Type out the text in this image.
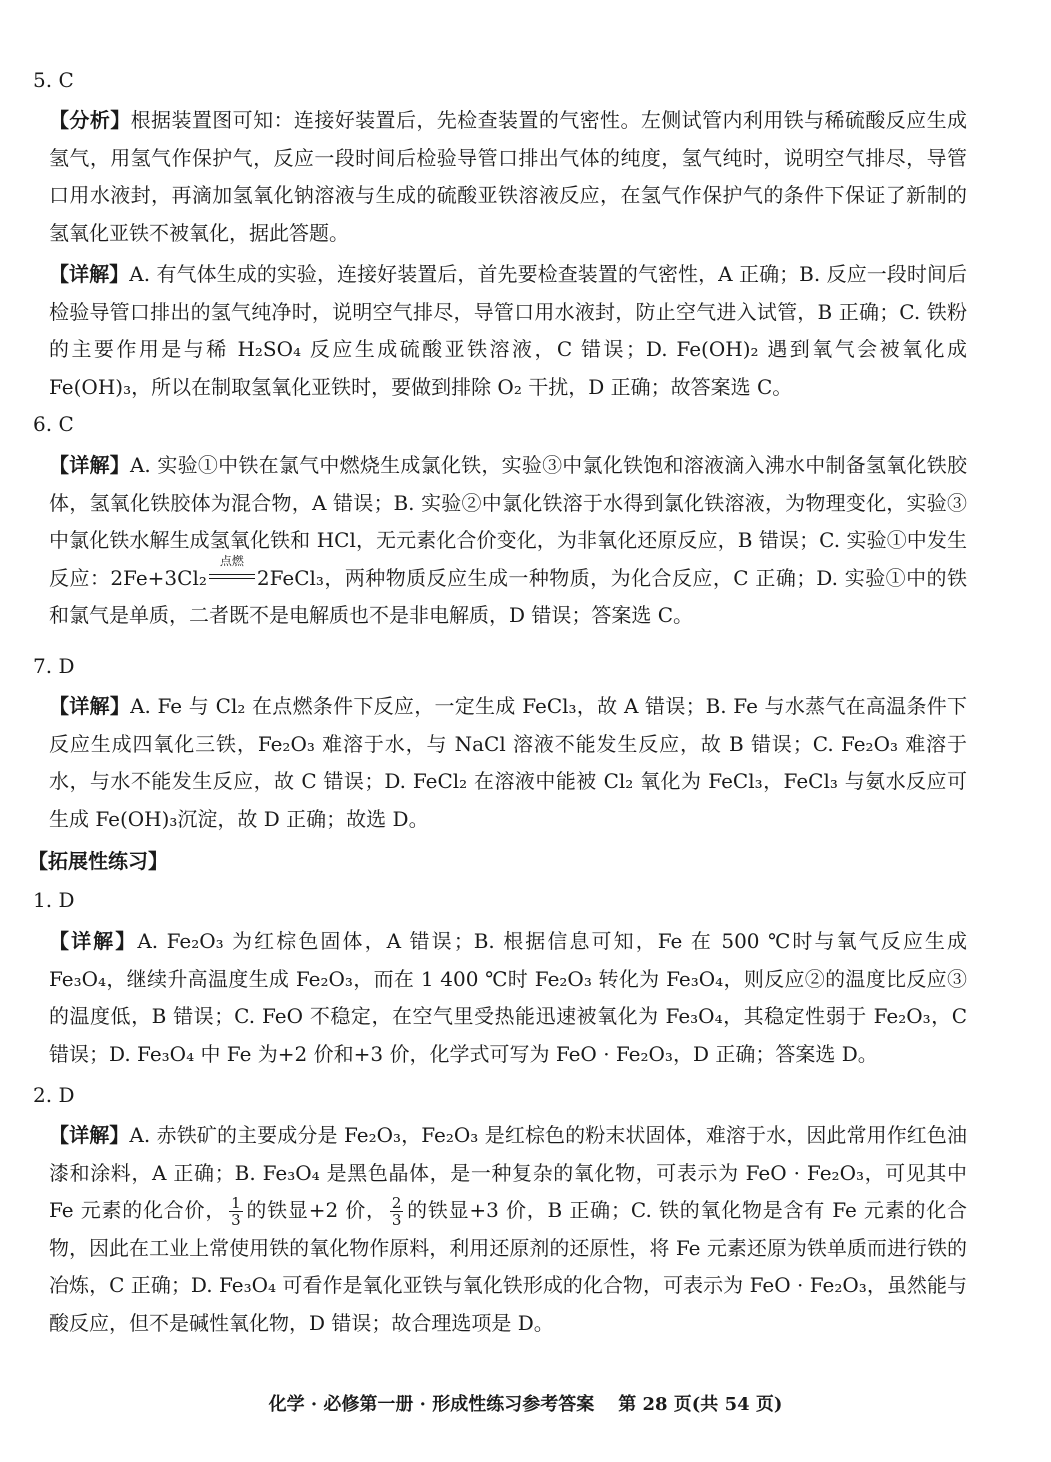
5. C
【分析】根据装置图可知：连接好装置后，先检查装置的气密性。左侧试管内利用铁与稀硫酸反应生成氢气，用氢气作保护气，反应一段时间后检验导管口排出气体的纯度，氢气纯时，说明空气排尽，导管口用水液封，再滴加氢氧化钠溶液与生成的硫酸亚铁溶液反应，在氢气作保护气的条件下保证了新制的氢氧化亚铁不被氧化，据此答题。
【详解】A. 有气体生成的实验，连接好装置后，首先要检查装置的气密性，A 正确；B. 反应一段时间后检验导管口排出的氢气纯净时，说明空气排尽，导管口用水液封，防止空气进入试管，B 正确；C. 铁粉的主要作用是与稀 H₂SO₄ 反应生成硫酸亚铁溶液，C 错误；D. Fe(OH)₂ 遇到氧气会被氧化成 Fe(OH)₃，所以在制取氢氧化亚铁时，要做到排除 O₂ 干扰，D 正确；故答案选 C。
6. C
【详解】A. 实验①中铁在氯气中燃烧生成氯化铁，实验③中氯化铁饱和溶液滴入沸水中制备氢氧化铁胶体，氢氧化铁胶体为混合物，A 错误；B. 实验②中氯化铁溶于水得到氯化铁溶液，为物理变化，实验③中氯化铁水解生成氢氧化铁和 HCl，无元素化合价变化，为非氧化还原反应，B 错误；C. 实验①中发生反应：2Fe+3Cl₂
点燃
2FeCl₃，两种物质反应生成一种物质，为化合反应，C 正确；D. 实验①中的铁和氯气是单质，二者既不是电解质也不是非电解质，D 错误；答案选 C。
7. D
【详解】A. Fe 与 Cl₂ 在点燃条件下反应，一定生成 FeCl₃，故 A 错误；B. Fe 与水蒸气在高温条件下反应生成四氧化三铁，Fe₂O₃ 难溶于水，与 NaCl 溶液不能发生反应，故 B 错误；C. Fe₂O₃ 难溶于水，与水不能发生反应，故 C 错误；D. FeCl₂ 在溶液中能被 Cl₂ 氧化为 FeCl₃，FeCl₃ 与氨水反应可生成 Fe(OH)₃沉淀，故 D 正确；故选 D。
【拓展性练习】
1. D
【详解】A. Fe₂O₃ 为红棕色固体，A 错误；B. 根据信息可知，Fe 在 500 ℃时与氧气反应生成 Fe₃O₄，继续升高温度生成 Fe₂O₃，而在 1 400 ℃时 Fe₂O₃ 转化为 Fe₃O₄，则反应②的温度比反应③的温度低，B 错误；C. FeO 不稳定，在空气里受热能迅速被氧化为 Fe₃O₄，其稳定性弱于 Fe₂O₃，C 错误；D. Fe₃O₄ 中 Fe 为+2 价和+3 价，化学式可写为 FeO · Fe₂O₃，D 正确；答案选 D。
2. D
【详解】A. 赤铁矿的主要成分是 Fe₂O₃，Fe₂O₃ 是红棕色的粉末状固体，难溶于水，因此常用作红色油漆和涂料，A 正确；B. Fe₃O₄ 是黑色晶体，是一种复杂的氧化物，可表示为 FeO · Fe₂O₃，可见其中 Fe 元素的化合价， $\frac{1}{3}$ 的铁显+2 价， $\frac{2}{3}$ 的铁显+3 价，B 正确；C. 铁的氧化物是含有 Fe 元素的化合物，因此在工业上常使用铁的氧化物作原料，利用还原剂的还原性，将 Fe 元素还原为铁单质而进行铁的冶炼，C 正确；D. Fe₃O₄ 可看作是氧化亚铁与氧化铁形成的化合物，可表示为 FeO · Fe₂O₃，虽然能与酸反应，但不是碱性氧化物，D 错误；故合理选项是 D。
化学 · 必修第一册 · 形成性练习参考答案 第 28 页(共 54 页)
